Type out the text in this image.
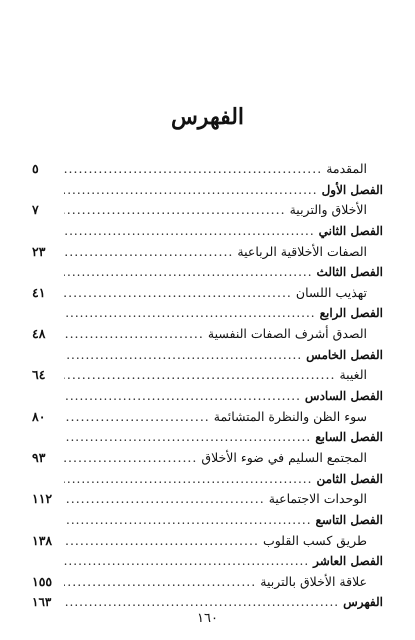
الفهرس
المقدمة
.....
٥
الفصل الأول
.....
الأخلاق والتربية
.....
٧
الفصل الثاني
.....
الصفات الأخلاقية الرباعية
.....
٢٣
الفصل الثالث
.....
تهذيب اللسان
.....
٤١
الفصل الرابع
.....
الصدق أشرف الصفات النفسية
.....
٤٨
الفصل الخامس
.....
الغيبة
.....
٦٤
الفصل السادس
.....
سوء الظن والنظرة المتشائمة
.....
٨٠
الفصل السابع
.....
المجتمع السليم في ضوء الأخلاق
.....
٩٣
الفصل الثامن
.....
الوحدات الاجتماعية
.....
١١٢
الفصل التاسع
.....
طريق كسب القلوب
.....
١٣٨
الفصل العاشر
.....
علاقة الأخلاق بالتربية
.....
١٥٥
الفهرس
.....
١٦٣
١٦٠
